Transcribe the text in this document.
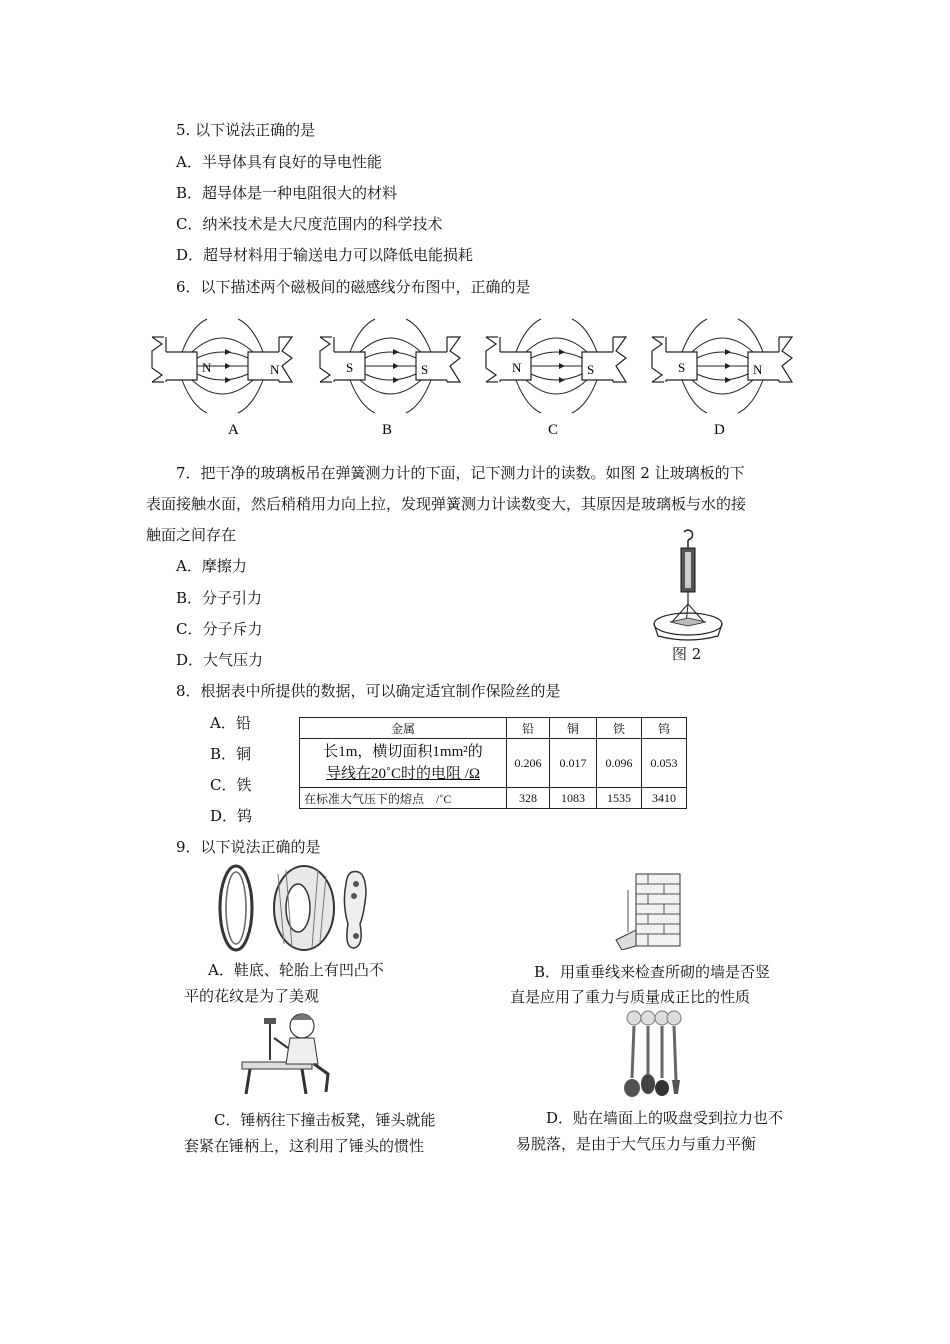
5. 以下说法正确的是
A．半导体具有良好的导电性能
B．超导体是一种电阻很大的材料
C．纳米技术是大尺度范围内的科学技术
D．超导材料用于输送电力可以降低电能损耗
6．以下描述两个磁极间的磁感线分布图中，正确的是
N	N
A
S	S
B
N	S
C
S	N
D
7．把干净的玻璃板吊在弹簧测力计的下面，记下测力计的读数。如图 2 让玻璃板的下
表面接触水面，然后稍稍用力向上拉，发现弹簧测力计读数变大，其原因是玻璃板与水的接
触面之间存在
A．摩擦力
B．分子引力
C．分子斥力
D．大气压力	图 2
8．根据表中所提供的数据，可以确定适宜制作保险丝的是
A．铅
B．铜
C．铁
D．钨
金属	铅	铜	铁	钨

长1m，横切面积1mm²的
导线在20˚C时的电阻 /Ω	0.206	0.017	0.096	0.053
在标准大气压下的熔点    /˚C	328	1083	1535	3410
9．以下说法正确的是
A．鞋底、轮胎上有凹凸不
平的花纹是为了美观
B．用重垂线来检查所砌的墙是否竖
直是应用了重力与质量成正比的性质
C．锤柄往下撞击板凳，锤头就能
套紧在锤柄上，这利用了锤头的惯性
D．贴在墙面上的吸盘受到拉力也不
易脱落，是由于大气压力与重力平衡
